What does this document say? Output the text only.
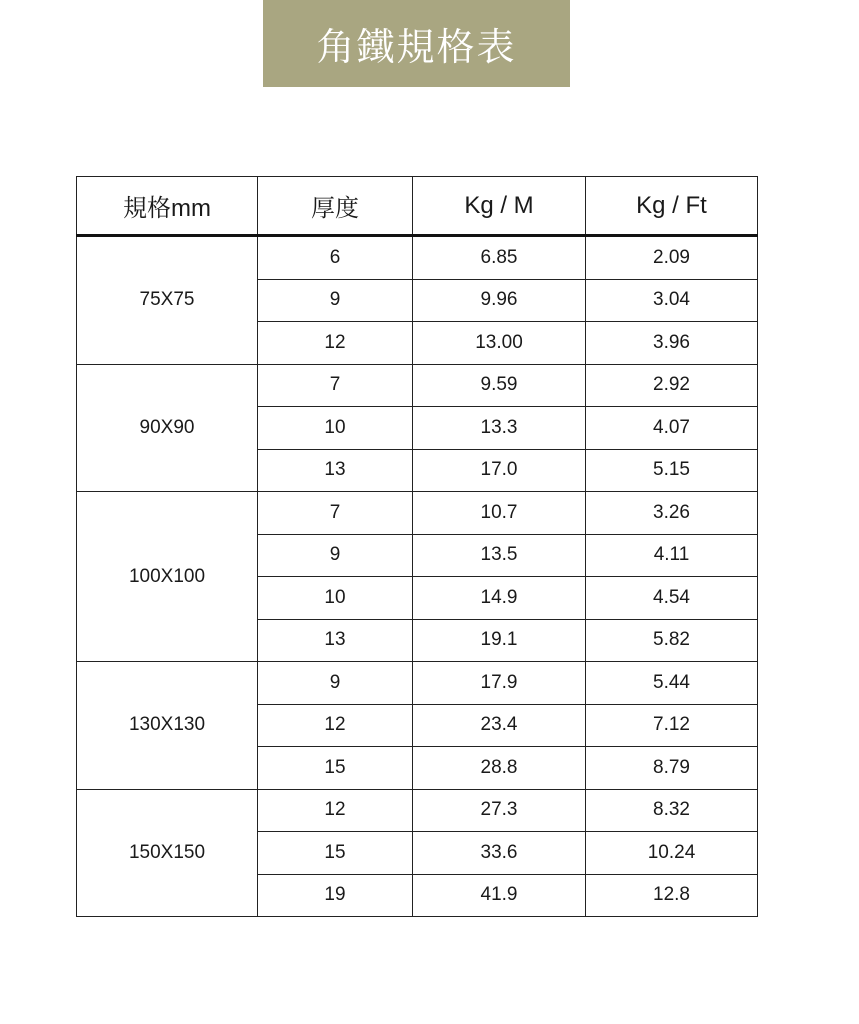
角鐵規格表
規格mm	厚度	Kg / M	Kg / Ft
75X75	6	6.85	2.09
	9	9.96	3.04
	12	13.00	3.96
90X90	7	9.59	2.92
	10	13.3	4.07
	13	17.0	5.15
100X100	7	10.7	3.26
	9	13.5	4.11
	10	14.9	4.54
	13	19.1	5.82
130X130	9	17.9	5.44
	12	23.4	7.12
	15	28.8	8.79
150X150	12	27.3	8.32
	15	33.6	10.24
	19	41.9	12.8
